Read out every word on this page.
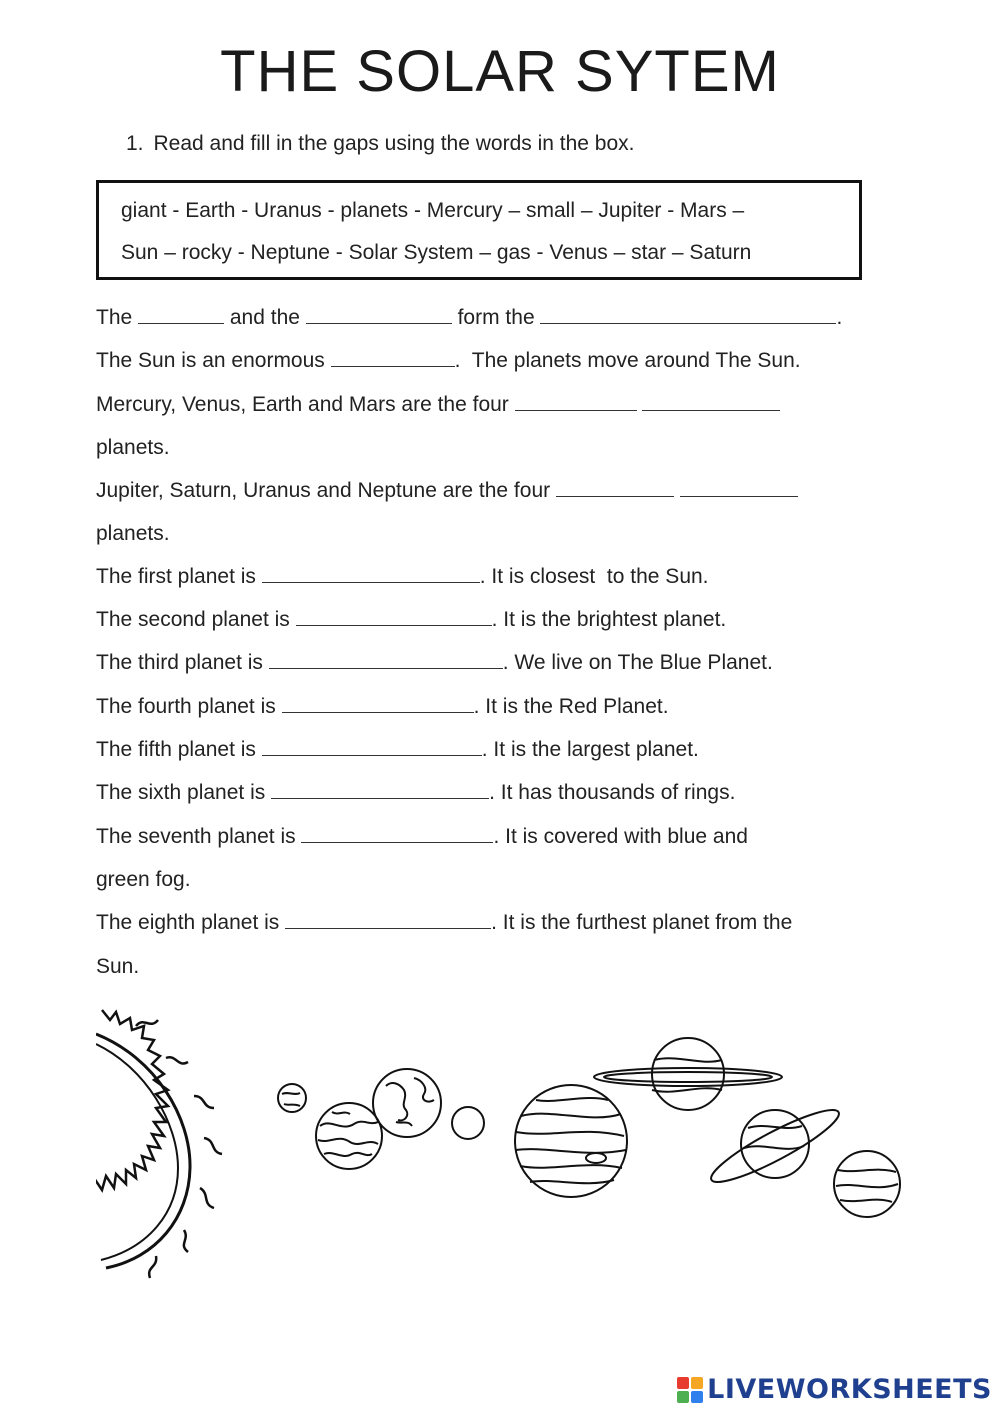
THE SOLAR SYTEM
1. Read and fill in the gaps using the words in the box.
giant - Earth - Uranus - planets - Mercury – small – Jupiter - Mars –
Sun – rocky - Neptune - Solar System – gas - Venus – star – Saturn
The	and the	form the	.
The Sun is an enormous	.  The planets move around The Sun.
Mercury, Venus, Earth and Mars are the four
planets.
Jupiter, Saturn, Uranus and Neptune are the four
planets.
The first planet is	. It is closest  to the Sun.
The second planet is	. It is the brightest planet.
The third planet is	. We live on The Blue Planet.
The fourth planet is	. It is the Red Planet.
The fifth planet is	. It is the largest planet.
The sixth planet is	. It has thousands of rings.
The seventh planet is	. It is covered with blue and
green fog.
The eighth planet is	. It is the furthest planet from the
Sun.
LIVEWORKSHEETS
